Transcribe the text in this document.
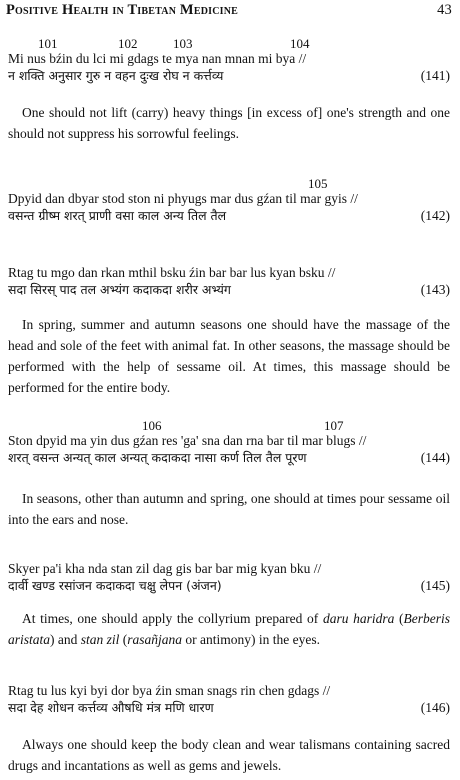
Positive Health in Tibetan Medicine	43
101	102	103	104
Mi nus bźin du lci mi gdags te mya nan mnan mi bya //
न शक्ति अनुसार गुरु न वहन दुःख रोघ न कर्त्तव्य	(141)
One should not lift (carry) heavy things [in excess of] one's strength and one should not suppress his sorrowful feelings.
105
Dpyid dan dbyar stod ston ni phyugs mar dus gźan til mar gyis //
वसन्त ग्रीष्म शरत् प्राणी वसा काल अन्य तिल तैल	(142)
Rtag tu mgo dan rkan mthil bsku źin bar bar lus kyan bsku //
सदा सिरस् पाद तल अभ्यंग कदाकदा शरीर अभ्यंग	(143)
In spring, summer and autumn seasons one should have the massage of the head and sole of the feet with animal fat. In other seasons, the massage should be performed with the help of sessame oil. At times, this massage should be performed for the entire body.
106	107
Ston dpyid ma yin dus gźan res 'ga' sna dan rna bar til mar blugs //
शरत् वसन्त अन्यत् काल अन्यत् कदाकदा नासा कर्ण तिल तैल पूरण	(144)
In seasons, other than autumn and spring, one should at times pour sessame oil into the ears and nose.
Skyer pa'i kha nda stan zil dag gis bar bar mig kyan bku //
दार्वी खण्ड रसांजन कदाकदा चक्षु लेपन (अंजन)	(145)
At times, one should apply the collyrium prepared of daru haridra (Berberis aristata) and stan zil (rasañjana or antimony) in the eyes.
Rtag tu lus kyi byi dor bya źin sman snags rin chen gdags //
सदा देह शोधन कर्त्तव्य औषधि मंत्र मणि धारण	(146)
Always one should keep the body clean and wear talismans containing sacred drugs and incantations as well as gems and jewels.
